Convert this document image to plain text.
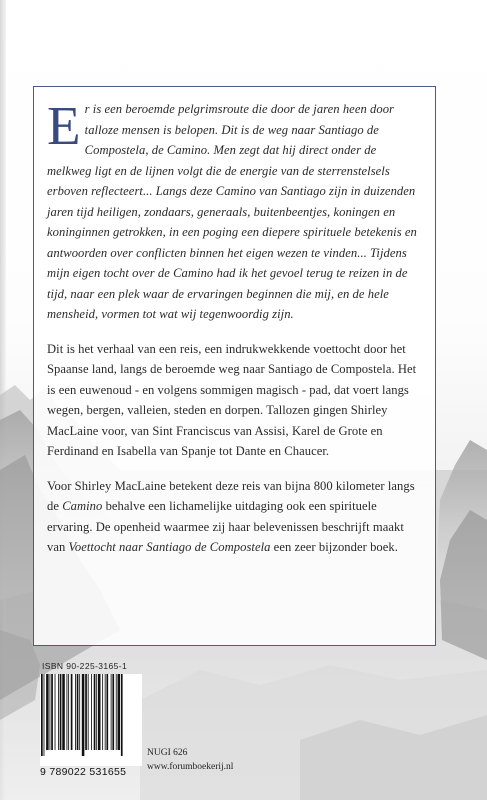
Er is een beroemde pelgrimsroute die door de jaren heen door talloze mensen is belopen. Dit is de weg naar Santiago de Compostela, de Camino. Men zegt dat hij direct onder de melkweg ligt en de lijnen volgt die de energie van de sterrenstelsels erboven reflecteert... Langs deze Camino van Santiago zijn in duizenden jaren tijd heiligen, zondaars, generaals, buitenbeentjes, koningen en koninginnen getrokken, in een poging een diepere spirituele betekenis en antwoorden over conflicten binnen het eigen wezen te vinden... Tijdens mijn eigen tocht over de Camino had ik het gevoel terug te reizen in de tijd, naar een plek waar de ervaringen beginnen die mij, en de hele mensheid, vormen tot wat wij tegenwoordig zijn.

Dit is het verhaal van een reis, een indrukwekkende voettocht door het Spaanse land, langs de beroemde weg naar Santiago de Compostela. Het is een euwenoud - en volgens sommigen magisch - pad, dat voert langs wegen, bergen, valleien, steden en dorpen. Tallozen gingen Shirley MacLaine voor, van Sint Franciscus van Assisi, Karel de Grote en Ferdinand en Isabella van Spanje tot Dante en Chaucer.

Voor Shirley MacLaine betekent deze reis van bijna 800 kilometer langs de Camino behalve een lichamelijke uitdaging ook een spirituele ervaring. De openheid waarmee zij haar belevenissen beschrijft maakt van Voettocht naar Santiago de Compostela een zeer bijzonder boek.

ISBN 90-225-3165-1
9 789022 531655
NUGI 626
www.forumboekerij.nl
